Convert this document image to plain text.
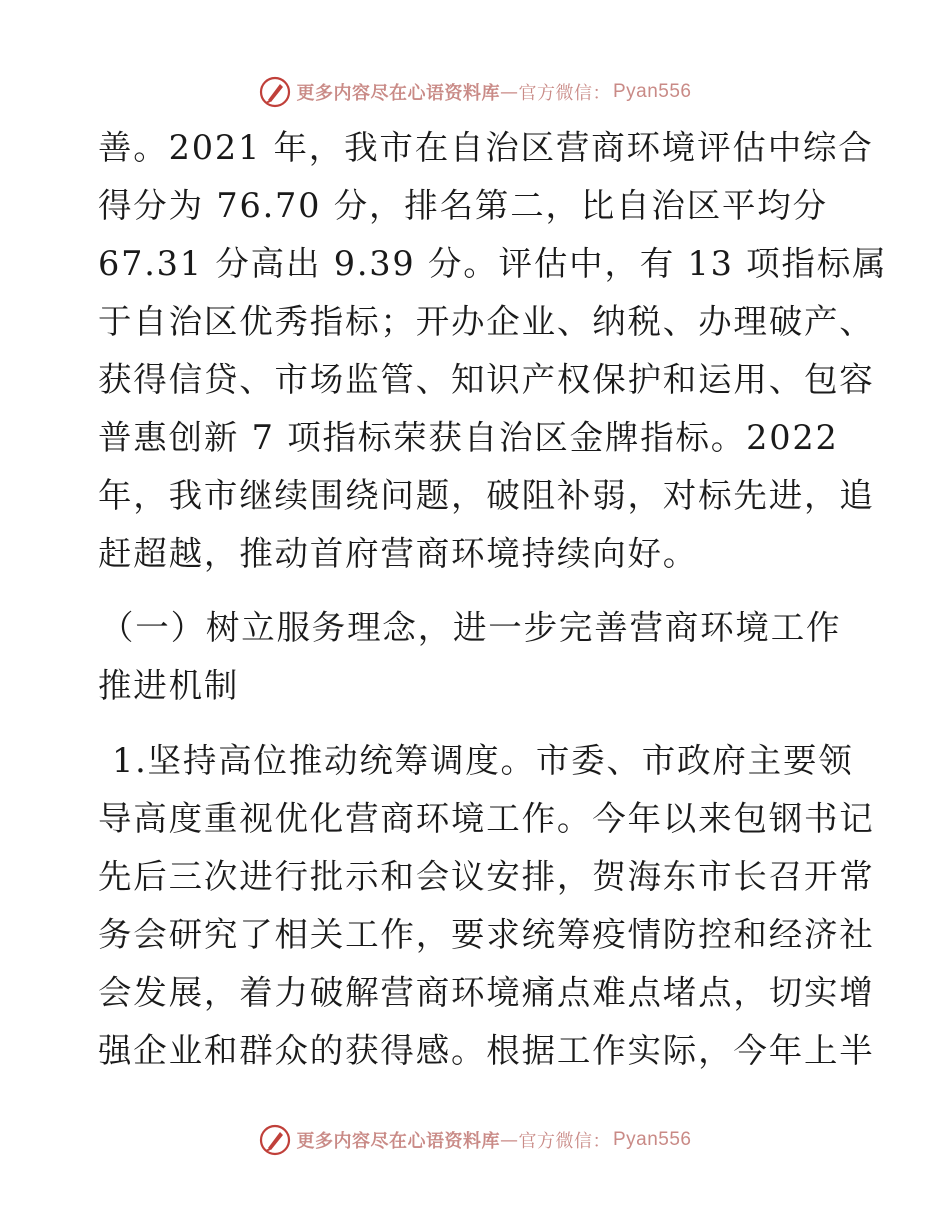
更多内容尽在心语资料库 — 官方微信： Pyan556

善。2021 年，我市在自治区营商环境评估中综合

得分为 76.70 分，排名第二，比自治区平均分

67.31 分高出 9.39 分。评估中，有 13 项指标属

于自治区优秀指标；开办企业、纳税、办理破产、

获得信贷、市场监管、知识产权保护和运用、包容

普惠创新 7 项指标荣获自治区金牌指标。2022

年，我市继续围绕问题，破阻补弱，对标先进，追

赶超越，推动首府营商环境持续向好。

（一）树立服务理念，进一步完善营商环境工作

推进机制

1.坚持高位推动统筹调度。市委、市政府主要领

导高度重视优化营商环境工作。今年以来包钢书记

先后三次进行批示和会议安排，贺海东市长召开常

务会研究了相关工作，要求统筹疫情防控和经济社

会发展，着力破解营商环境痛点难点堵点，切实增

强企业和群众的获得感。根据工作实际，今年上半

更多内容尽在心语资料库 — 官方微信： Pyan556
